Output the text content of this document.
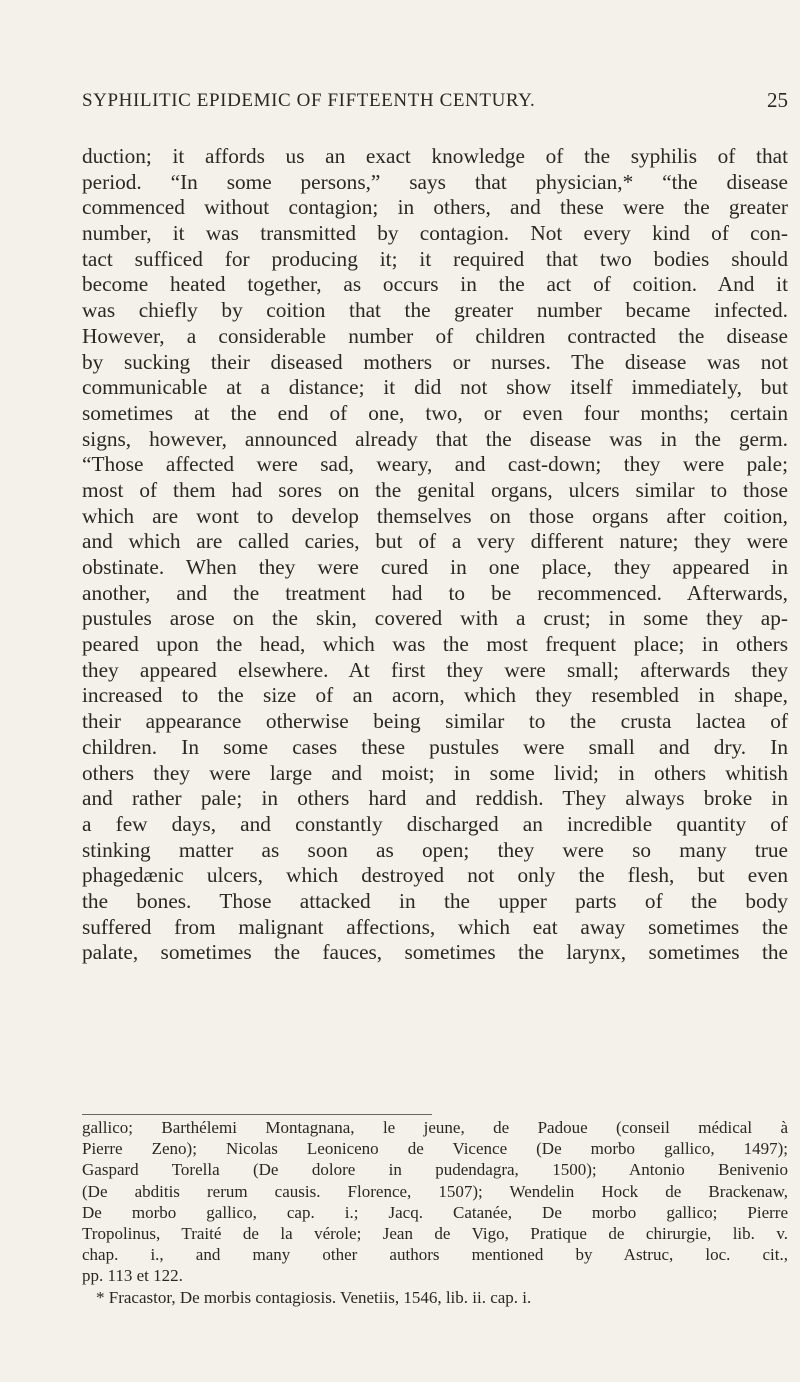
SYPHILITIC EPIDEMIC OF FIFTEENTH CENTURY.	25
duction; it affords us an exact knowledge of the syphilis of that
period. “In some persons,” says that physician,* “the disease
commenced without contagion; in others, and these were the greater
number, it was transmitted by contagion. Not every kind of con-
tact sufficed for producing it; it required that two bodies should
become heated together, as occurs in the act of coition. And it
was chiefly by coition that the greater number became infected.
However, a considerable number of children contracted the disease
by sucking their diseased mothers or nurses. The disease was not
communicable at a distance; it did not show itself immediately, but
sometimes at the end of one, two, or even four months; certain
signs, however, announced already that the disease was in the germ.
“Those affected were sad, weary, and cast-down; they were pale;
most of them had sores on the genital organs, ulcers similar to those
which are wont to develop themselves on those organs after coition,
and which are called caries, but of a very different nature; they were
obstinate. When they were cured in one place, they appeared in
another, and the treatment had to be recommenced. Afterwards,
pustules arose on the skin, covered with a crust; in some they ap-
peared upon the head, which was the most frequent place; in others
they appeared elsewhere. At first they were small; afterwards they
increased to the size of an acorn, which they resembled in shape,
their appearance otherwise being similar to the crusta lactea of
children. In some cases these pustules were small and dry. In
others they were large and moist; in some livid; in others whitish
and rather pale; in others hard and reddish. They always broke in
a few days, and constantly discharged an incredible quantity of
stinking matter as soon as open; they were so many true
phagedænic ulcers, which destroyed not only the flesh, but even
the bones. Those attacked in the upper parts of the body
suffered from malignant affections, which eat away sometimes the
palate, sometimes the fauces, sometimes the larynx, sometimes the
gallico; Barthélemi Montagnana, le jeune, de Padoue (conseil médical à
Pierre Zeno); Nicolas Leoniceno de Vicence (De morbo gallico, 1497);
Gaspard Torella (De dolore in pudendagra, 1500); Antonio Benivenio
(De abditis rerum causis. Florence, 1507); Wendelin Hock de Brackenaw,
De morbo gallico, cap. i.; Jacq. Catanée, De morbo gallico; Pierre
Tropolinus, Traité de la vérole; Jean de Vigo, Pratique de chirurgie, lib. v.
chap. i., and many other authors mentioned by Astruc, loc. cit.,
pp. 113 et 122.
* Fracastor, De morbis contagiosis. Venetiis, 1546, lib. ii. cap. i.
